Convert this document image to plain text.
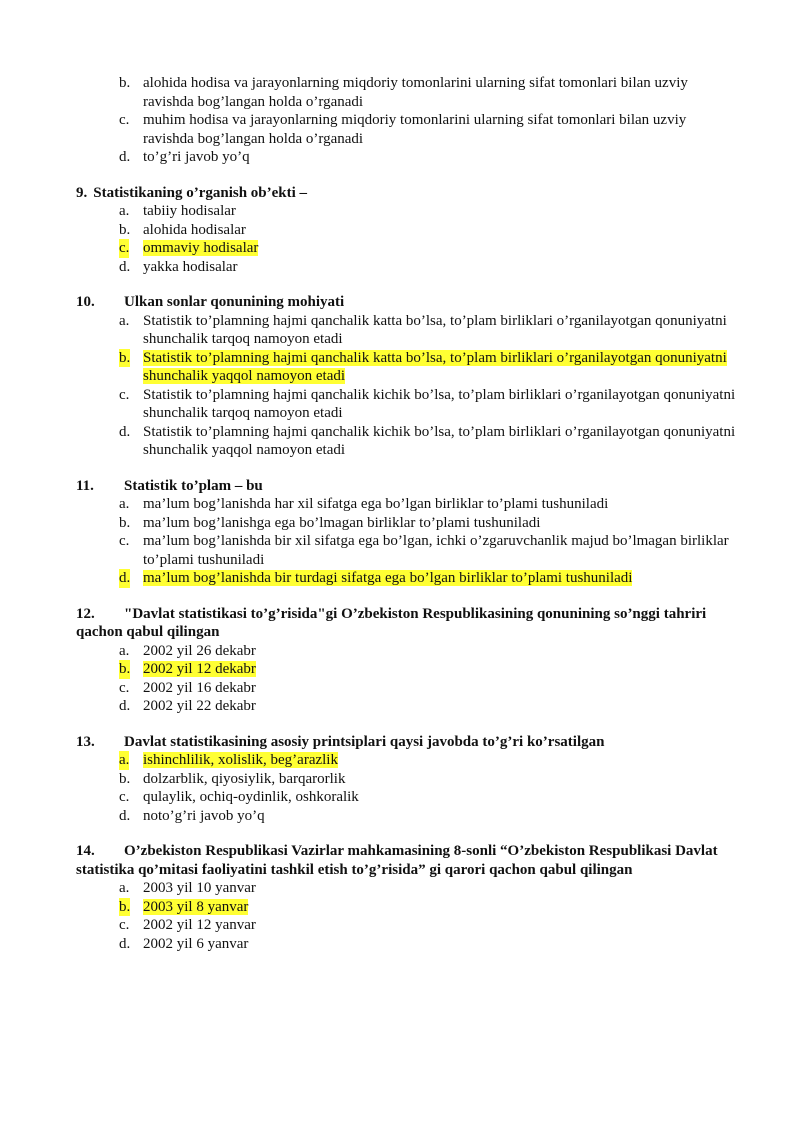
b. alohida hodisa va jarayonlarning miqdoriy tomonlarini ularning sifat tomonlari bilan uzviy ravishda bog’langan holda o’rganadi
c. muhim hodisa va jarayonlarning miqdoriy tomonlarini ularning sifat tomonlari bilan uzviy ravishda bog’langan holda o’rganadi
d. to’g’ri javob yo’q
9. Statistikaning o’rganish ob’ekti –
a. tabiiy hodisalar
b. alohida hodisalar
c. ommaviy hodisalar
d. yakka hodisalar
10. Ulkan sonlar qonunining mohiyati
a. Statistik to’plamning hajmi qanchalik katta bo’lsa, to’plam birliklari o’rganilayotgan qonuniyatni shunchalik tarqoq namoyon etadi
b. Statistik to’plamning hajmi qanchalik katta bo’lsa, to’plam birliklari o’rganilayotgan qonuniyatni shunchalik yaqqol namoyon etadi
c. Statistik to’plamning hajmi qanchalik kichik bo’lsa, to’plam birliklari o’rganilayotgan qonuniyatni shunchalik tarqoq namoyon etadi
d. Statistik to’plamning hajmi qanchalik kichik bo’lsa, to’plam birliklari o’rganilayotgan qonuniyatni shunchalik yaqqol namoyon etadi
11. Statistik to’plam – bu
a. ma’lum bog’lanishda har xil sifatga ega bo’lgan birliklar to’plami tushuniladi
b. ma’lum bog’lanishga ega bo’lmagan birliklar to’plami tushuniladi
c. ma’lum bog’lanishda bir xil sifatga ega bo’lgan, ichki o’zgaruvchanlik majud bo’lmagan birliklar to’plami tushuniladi
d. ma’lum bog’lanishda bir turdagi sifatga ega bo’lgan birliklar to’plami tushuniladi
12. "Davlat statistikasi to’g’risida"gi O’zbekiston Respublikasining qonunining so’nggi tahriri qachon qabul qilingan
a. 2002 yil 26 dekabr
b. 2002 yil 12 dekabr
c. 2002 yil 16 dekabr
d. 2002 yil 22 dekabr
13. Davlat statistikasining asosiy printsiplari qaysi javobda to’g’ri ko’rsatilgan
a. ishinchlilik, xolislik, beg’arazlik
b. dolzarblik, qiyosiylik, barqarorlik
c. qulaylik, ochiq-oydinlik, oshkoralik
d. noto’g’ri javob yo’q
14. O’zbekiston Respublikasi Vazirlar mahkamasining 8-sonli “O’zbekiston Respublikasi Davlat statistika qo’mitasi faoliyatini tashkil etish to’g’risida” gi qarori qachon qabul qilingan
a. 2003 yil 10 yanvar
b. 2003 yil 8 yanvar
c. 2002 yil 12 yanvar
d. 2002 yil 6 yanvar
